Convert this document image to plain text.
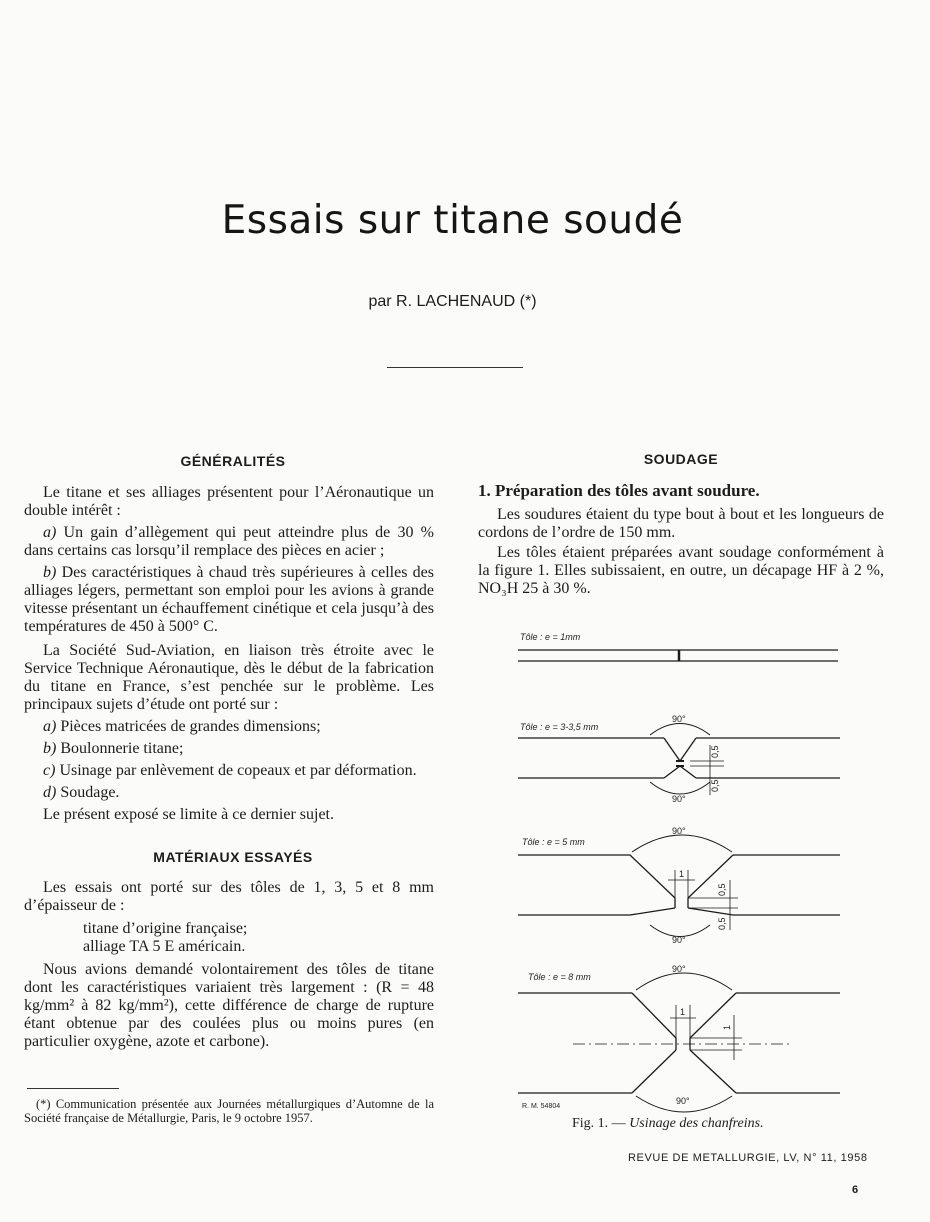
Essais sur titane soudé
par R. LACHENAUD (*)
GÉNÉRALITÉS

Le titane et ses alliages présentent pour l’Aéronautique un double intérêt :

a) Un gain d’allègement qui peut atteindre plus de 30 % dans certains cas lorsqu’il remplace des pièces en acier ;

b) Des caractéristiques à chaud très supérieures à celles des alliages légers, permettant son emploi pour les avions à grande vitesse présentant un échauffement cinétique et cela jusqu’à des températures de 450 à 500° C.

La Société Sud-Aviation, en liaison très étroite avec le Service Technique Aéronautique, dès le début de la fabrication du titane en France, s’est penchée sur le problème. Les principaux sujets d’étude ont porté sur :

a) Pièces matricées de grandes dimensions;

b) Boulonnerie titane;

c) Usinage par enlèvement de copeaux et par déformation.

d) Soudage.

Le présent exposé se limite à ce dernier sujet.

MATÉRIAUX ESSAYÉS

Les essais ont porté sur des tôles de 1, 3, 5 et 8 mm d’épaisseur de :

titane d’origine française;

alliage TA 5 E américain.

Nous avions demandé volontairement des tôles de titane dont les caractéristiques variaient très largement : (R = 48 kg/mm² à 82 kg/mm²), cette différence de charge de rupture étant obtenue par des coulées plus ou moins pures (en particulier oxygène, azote et carbone).

(*) Communication présentée aux Journées métallurgiques d’Automne de la Société française de Métallurgie, Paris, le 9 octobre 1957.
SOUDAGE

1. Préparation des tôles avant soudure.

Les soudures étaient du type bout à bout et les longueurs de cordons de l’ordre de 150 mm.

Les tôles étaient préparées avant soudage conformément à la figure 1. Elles subissaient, en outre, un décapage HF à 2 %, NO₃H 25 à 30 %.

Tôle : e = 1mm
Tôle : e = 3-3,5 mm
Tôle : e = 5 mm
Tôle : e = 8 mm
90°
90°
90°
90°
90°
90°
0,5
0,5
1
0,5
0,5
1
1
R. M. 54804
Fig. 1. — Usinage des chanfreins.
REVUE DE METALLURGIE, LV, N° 11, 1958
6
